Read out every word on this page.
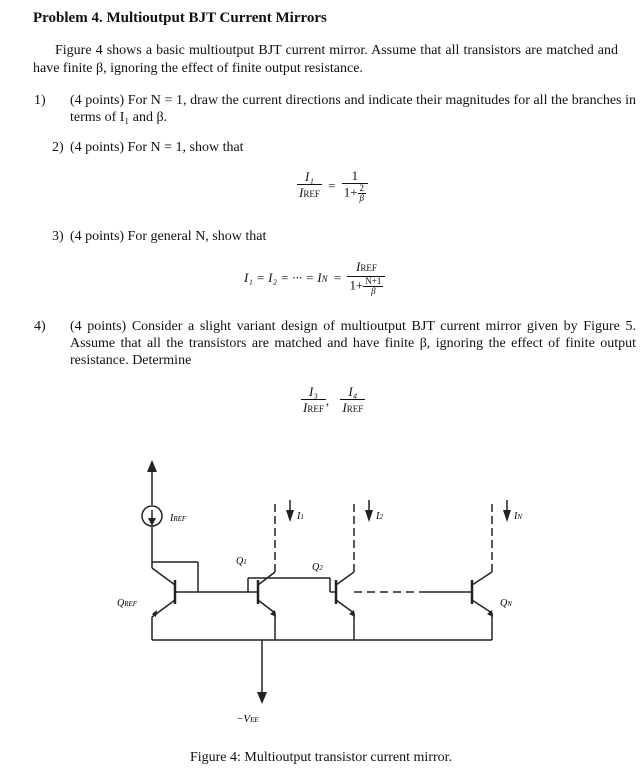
Problem 4. Multioutput BJT Current Mirrors
Figure 4 shows a basic multioutput BJT current mirror. Assume that all transistors are matched and have finite β, ignoring the effect of finite output resistance.
1) (4 points) For N = 1, draw the current directions and indicate their magnitudes for all the branches in terms of I₁ and β.
2) (4 points) For N = 1, show that
$\frac{\text{I₁}}{\text{IREF}} = \frac{1}{1+ \frac{2}{\beta}}$
3) (4 points) For general N, show that
I₁ = I₂ = ··· = IN = $\frac{\text{IREF}}{1+ \frac{N+1}{\beta}}$
4) (4 points) Consider a slight variant design of multioutput BJT current mirror given by Figure 5. Assume that all the transistors are matched and have finite β, ignoring the effect of finite output resistance. Determine
$\frac{\text{I₃}}{\text{IREF}}$ , $\frac{\text{I₄}}{\text{IREF}}$
IREF
QREF
Q1	Q2
QN
I1	I2	IN
−VEE
Figure 4: Multioutput transistor current mirror.
